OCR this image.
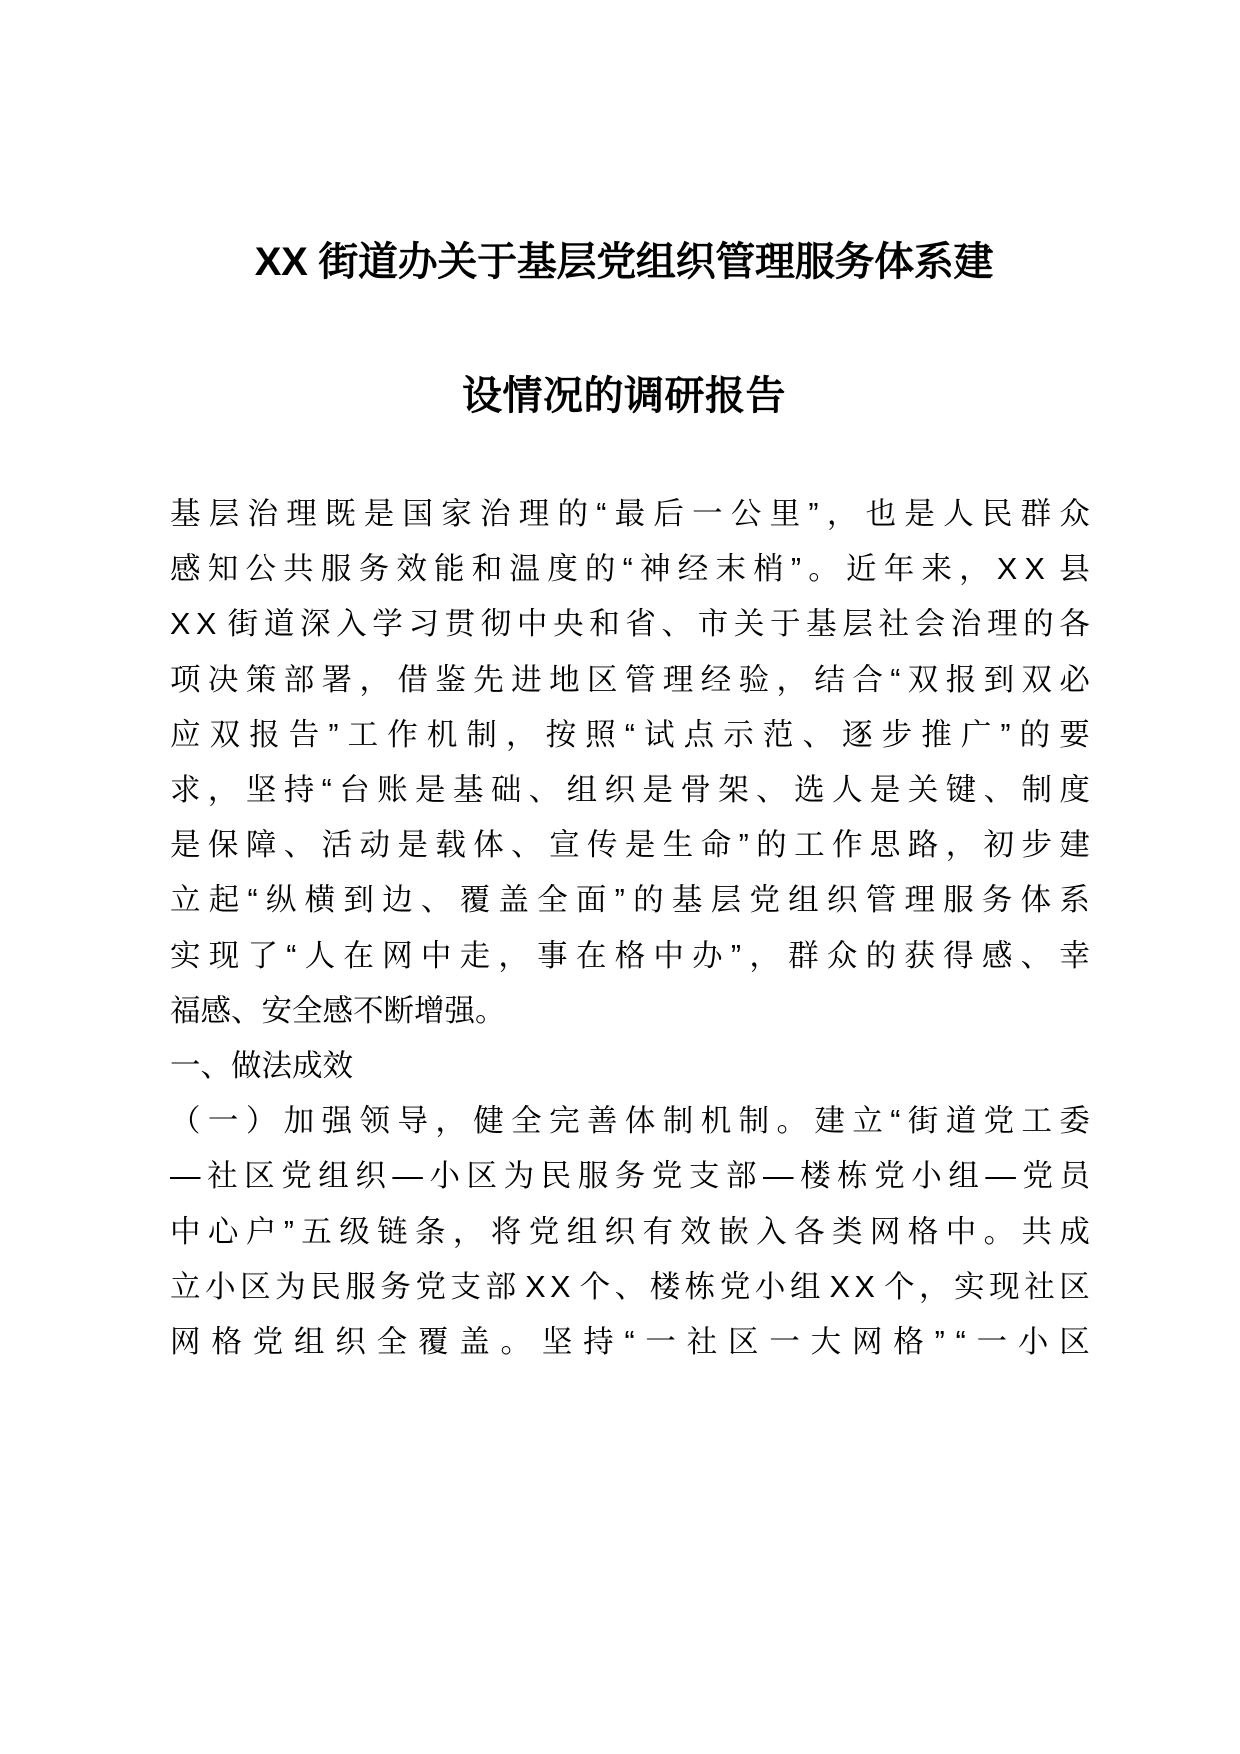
XX 街道办关于基层党组织管理服务体系建
设情况的调研报告

基 层 治 理 既 是 国 家 治 理 的 “ 最 后 一 公 里 ” ， 也 是 人 民 群 众
感 知 公 共 服 务 效 能 和 温 度 的 “ 神 经 末 梢 ” 。 近 年 来 ， X X 县
X X 街 道 深 入 学 习 贯 彻 中 央 和 省 、 市 关 于 基 层 社 会 治 理 的 各
项 决 策 部 署 ， 借 鉴 先 进 地 区 管 理 经 验 ， 结 合 “ 双 报 到 双 必
应 双 报 告 ” 工 作 机 制 ， 按 照 “ 试 点 示 范 、 逐 步 推 广 ” 的 要
求 ， 坚 持 “ 台 账 是 基 础 、 组 织 是 骨 架 、 选 人 是 关 键 、 制 度
是 保 障 、 活 动 是 载 体 、 宣 传 是 生 命 ” 的 工 作 思 路 ， 初 步 建
立 起 “ 纵 横 到 边 、 覆 盖 全 面 ” 的 基 层 党 组 织 管 理 服 务 体 系
实 现 了 “ 人 在 网 中 走 ， 事 在 格 中 办 ” ， 群 众 的 获 得 感 、 幸
福感、安全感不断增强。

一、做法成效

（ 一 ） 加 强 领 导 ， 健 全 完 善 体 制 机 制 。 建 立 “ 街 道 党 工 委
— 社 区 党 组 织 — 小 区 为 民 服 务 党 支 部 — 楼 栋 党 小 组 — 党 员
中 心 户 ” 五 级 链 条 ， 将 党 组 织 有 效 嵌 入 各 类 网 格 中 。 共 成
立 小 区 为 民 服 务 党 支 部 X X 个 、 楼 栋 党 小 组 X X 个 ， 实 现 社 区
网 格 党 组 织 全 覆 盖 。 坚 持 “ 一 社 区 一 大 网 格 ” “ 一 小 区
